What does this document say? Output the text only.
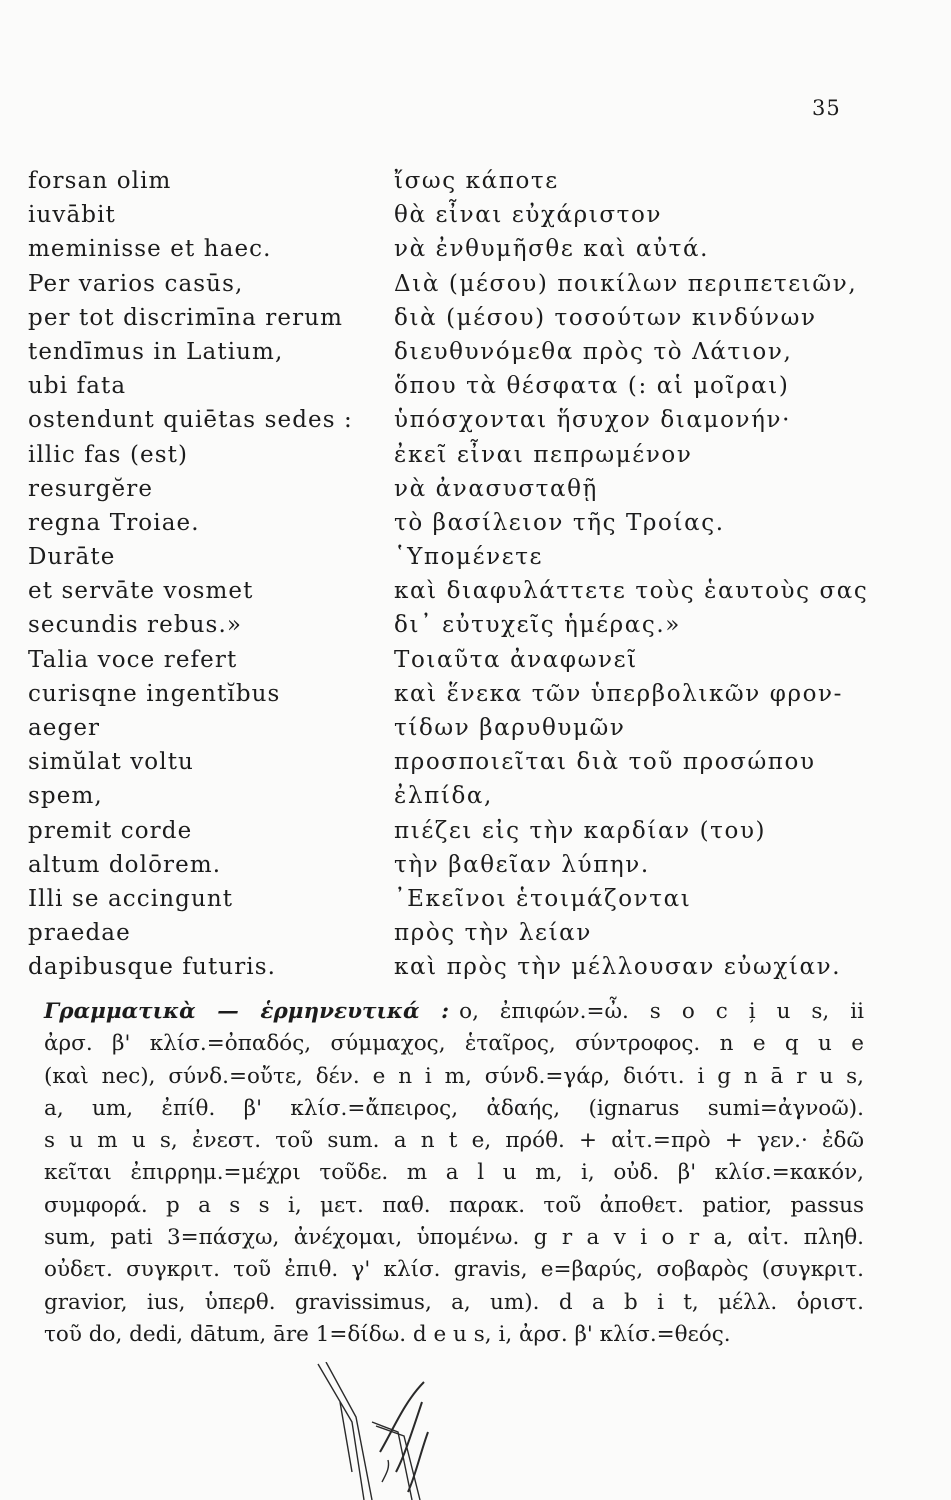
35
forsan olim
iuvābit
meminisse et haec.
Per varios casūs,
per tot discrimīna rerum
tendīmus in Latium,
ubi fata
ostendunt quiētas sedes :
illic fas (est)
resurgĕre
regna Troiae.
Durāte
et servāte vosmet
secundis rebus.»
Talia voce refert
curisqne ingentĭbus
aeger
simŭlat voltu
spem,
premit corde
altum dolōrem.
Illi se accingunt
praedae
dapibusque futuris.
ἴσως κάποτε
θὰ εἶναι εὐχάριστον
νὰ ἐνθυμῆσθε καὶ αὐτά.
Διὰ (μέσου) ποικίλων περιπετειῶν,
διὰ (μέσου) τοσούτων κινδύνων
διευθυνόμεθα πρὸς τὸ Λάτιον,
ὅπου τὰ θέσφατα (: αἱ μοῖραι)
ὑπόσχονται ἥσυχον διαμονήν·
ἐκεῖ εἶναι πεπρωμένον
νὰ ἀνασυσταθῇ
τὸ βασίλειον τῆς Τροίας.
῾Υπομένετε
καὶ διαφυλάττετε τοὺς ἑαυτοὺς σας
δι᾿ εὐτυχεῖς ἡμέρας.»
Τοιαῦτα ἀναφωνεῖ
καὶ ἕνεκα τῶν ὑπερβολικῶν φρον-
τίδων βαρυθυμῶν
προσποιεῖται διὰ τοῦ προσώπου
ἐλπίδα,
πιέζει εἰς τὴν καρδίαν (του)
τὴν βαθεῖαν λύπην.
᾿Εκεῖνοι ἑτοιμάζονται
πρὸς τὴν λείαν
καὶ πρὸς τὴν μέλλουσαν εὐωχίαν.
Γραμματικὰ — ἑρμηνευτικά : ο, ἐπιφών.=ὦ. s o c i̦ u s, ii
ἀρσ. β' κλίσ.=ὀπαδός, σύμμαχος, ἑταῖρος, σύντροφος. n e q u e
(καὶ nec), σύνδ.=οὔτε, δέν. e n i m, σύνδ.=γάρ, διότι. i g n ā r u s,
a, um, ἐπίθ. β' κλίσ.=ἄπειρος, ἀδαής, (ignarus sumi=ἀγνοῶ).
s u m u s, ἐνεστ. τοῦ sum. a n t e, πρόθ. + αἰτ.=πρὸ + γεν.· ἐδῶ
κεῖται ἐπιρρημ.=μέχρι τοῦδε. m a l u m, i, οὐδ. β' κλίσ.=κακόν,
συμφορά. p a s s i, μετ. παθ. παρακ. τοῦ ἀποθετ. patior, passus
sum, pati 3=πάσχω, ἀνέχομαι, ὑπομένω. g r a v i o r a, αἰτ. πληθ.
οὐδετ. συγκριτ. τοῦ ἐπιθ. γ' κλίσ. gravis, e=βαρύς, σοβαρὸς (συγκριτ.
gravior, ius, ὑπερθ. gravissimus, a, um). d a b i t, μέλλ. ὁριστ.
τοῦ do, dedi, dātum, āre 1=δίδω. d e u s, i, ἀρσ. β' κλίσ.=θεός.
